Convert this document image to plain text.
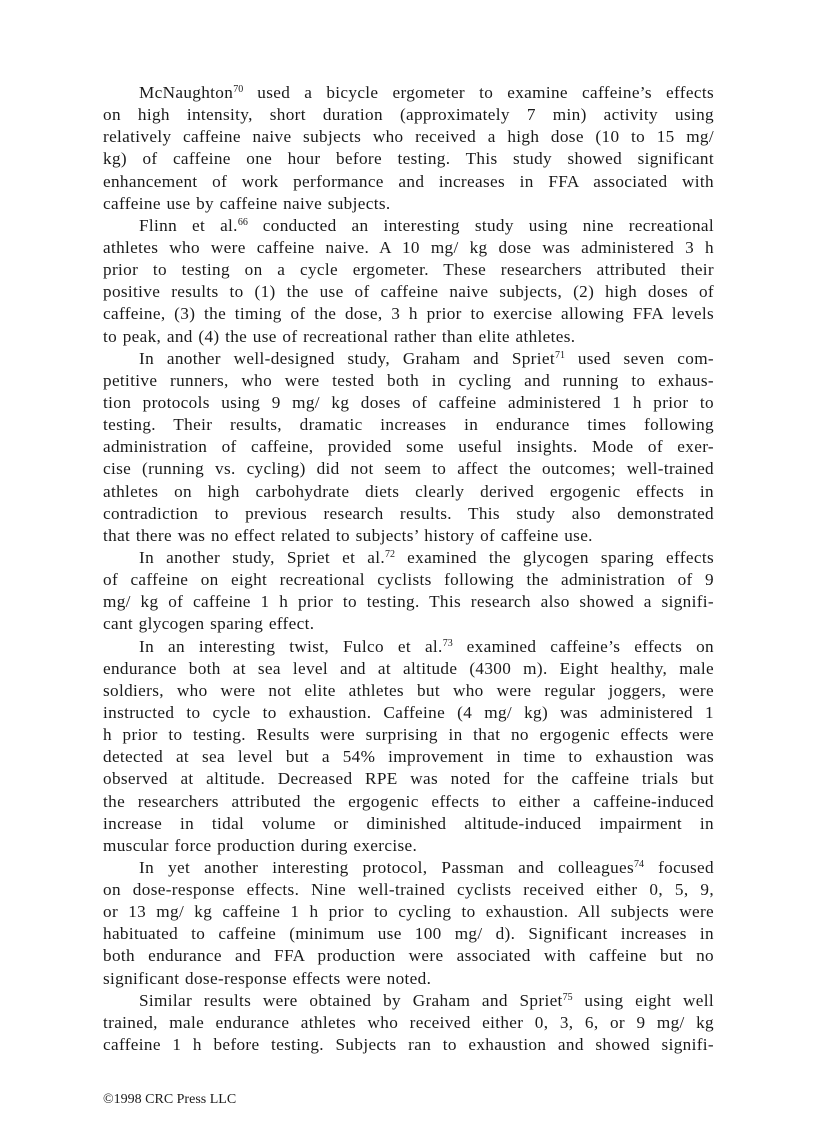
McNaughton$^{70}$ used a bicycle ergometer to examine caffeine’s effects
on high intensity, short duration (approximately 7 min) activity using
relatively caffeine naive subjects who received a high dose (10 to 15 mg/
kg) of caffeine one hour before testing. This study showed significant
enhancement of work performance and increases in FFA associated with
caffeine use by caffeine naive subjects.
Flinn et al.$^{66}$ conducted an interesting study using nine recreational
athletes who were caffeine naive. A 10 mg/ kg dose was administered 3 h
prior to testing on a cycle ergometer. These researchers attributed their
positive results to (1) the use of caffeine naive subjects, (2) high doses of
caffeine, (3) the timing of the dose, 3 h prior to exercise allowing FFA levels
to peak, and (4) the use of recreational rather than elite athletes.
In another well-designed study, Graham and Spriet$^{71}$ used seven com-
petitive runners, who were tested both in cycling and running to exhaus-
tion protocols using 9 mg/ kg doses of caffeine administered 1 h prior to
testing. Their results, dramatic increases in endurance times following
administration of caffeine, provided some useful insights. Mode of exer-
cise (running vs. cycling) did not seem to affect the outcomes; well-trained
athletes on high carbohydrate diets clearly derived ergogenic effects in
contradiction to previous research results. This study also demonstrated
that there was no effect related to subjects’ history of caffeine use.
In another study, Spriet et al.$^{72}$ examined the glycogen sparing effects
of caffeine on eight recreational cyclists following the administration of 9
mg/ kg of caffeine 1 h prior to testing. This research also showed a signifi-
cant glycogen sparing effect.
In an interesting twist, Fulco et al.$^{73}$ examined caffeine’s effects on
endurance both at sea level and at altitude (4300 m). Eight healthy, male
soldiers, who were not elite athletes but who were regular joggers, were
instructed to cycle to exhaustion. Caffeine (4 mg/ kg) was administered 1
h prior to testing. Results were surprising in that no ergogenic effects were
detected at sea level but a 54% improvement in time to exhaustion was
observed at altitude. Decreased RPE was noted for the caffeine trials but
the researchers attributed the ergogenic effects to either a caffeine-induced
increase in tidal volume or diminished altitude-induced impairment in
muscular force production during exercise.
In yet another interesting protocol, Passman and colleagues$^{74}$ focused
on dose-response effects. Nine well-trained cyclists received either 0, 5, 9,
or 13 mg/ kg caffeine 1 h prior to cycling to exhaustion. All subjects were
habituated to caffeine (minimum use 100 mg/ d). Significant increases in
both endurance and FFA production were associated with caffeine but no
significant dose-response effects were noted.
Similar results were obtained by Graham and Spriet$^{75}$ using eight well
trained, male endurance athletes who received either 0, 3, 6, or 9 mg/ kg
caffeine 1 h before testing. Subjects ran to exhaustion and showed signifi-
©1998 CRC Press LLC
